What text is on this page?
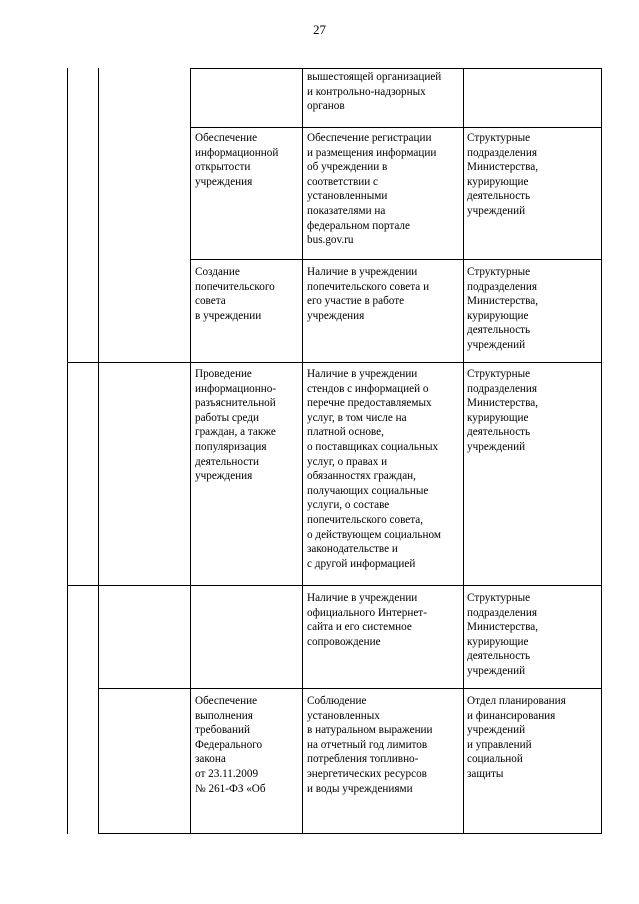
27
вышестоящей организацией
и контрольно-надзорных
органов
Обеспечение
информационной
открытости
учреждения
Обеспечение регистрации
и размещения информации
об учреждении в
соответствии с
установленными
показателями на
федеральном портале
bus.gov.ru
Структурные
подразделения
Министерства,
курирующие
деятельность
учреждений
Создание
попечительского
совета
в учреждении
Наличие в учреждении
попечительского совета и
его участие в работе
учреждения
Структурные
подразделения
Министерства,
курирующие
деятельность
учреждений
Проведение
информационно-
разъяснительной
работы среди
граждан, а также
популяризация
деятельности
учреждения
Наличие в учреждении
стендов с информацией о
перечне предоставляемых
услуг, в том числе на
платной основе,
о поставщиках социальных
услуг, о правах и
обязанностях граждан,
получающих социальные
услуги, о составе
попечительского совета,
о действующем социальном
законодательстве и
с другой информацией
Структурные
подразделения
Министерства,
курирующие
деятельность
учреждений
Наличие в учреждении
официального Интернет-
сайта и его системное
сопровождение
Структурные
подразделения
Министерства,
курирующие
деятельность
учреждений
Обеспечение
выполнения
требований
Федерального
закона
от 23.11.2009
№ 261-ФЗ «Об
Соблюдение
установленных
в натуральном выражении
на отчетный год лимитов
потребления топливно-
энергетических ресурсов
и воды учреждениями
Отдел планирования
и финансирования
учреждений
и управлений
социальной
защиты
